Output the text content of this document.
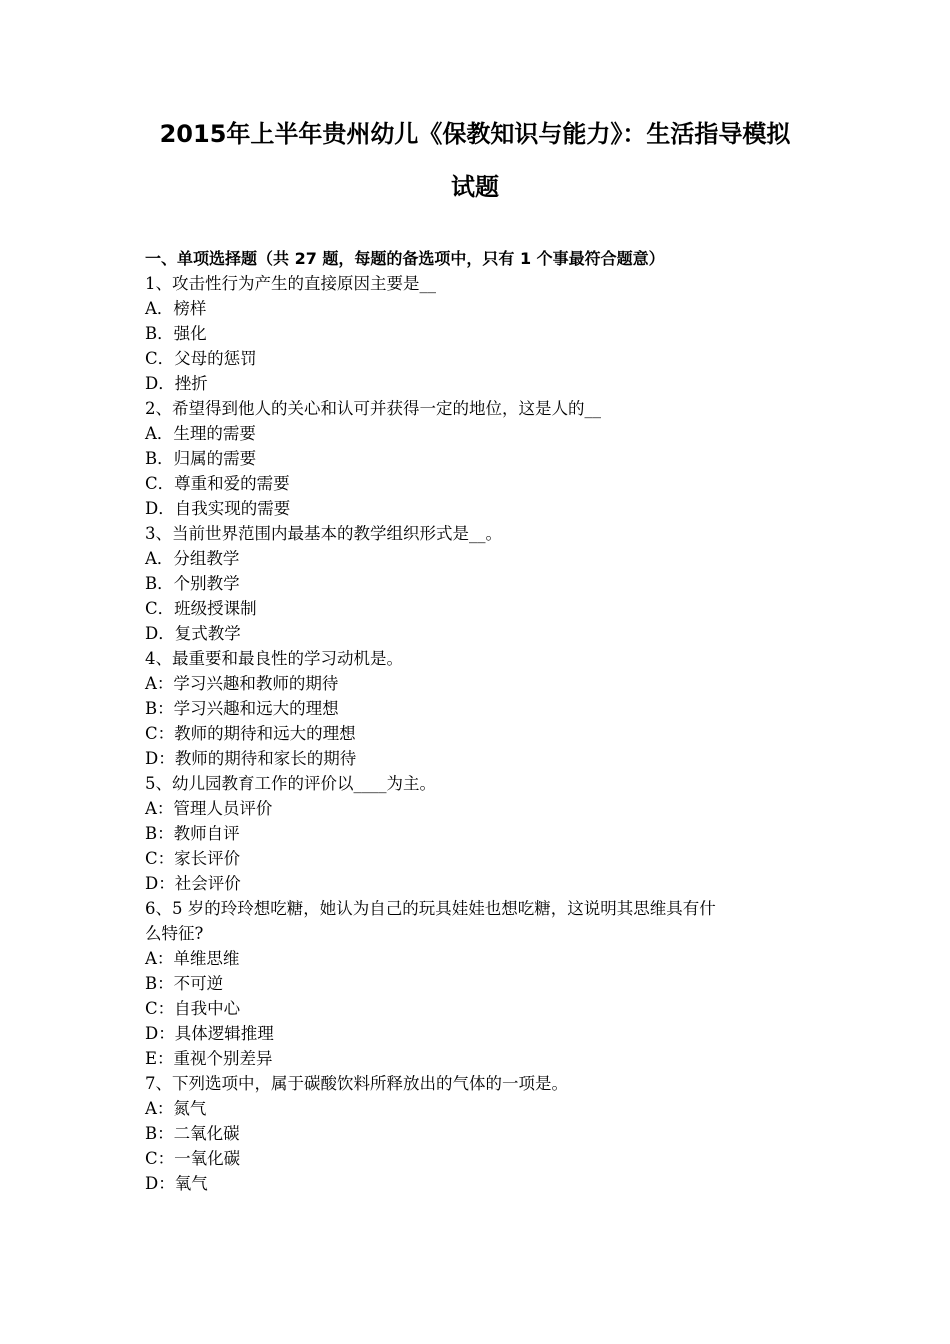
2015年上半年贵州幼儿《保教知识与能力》：生活指导模拟
试题
一、单项选择题（共 27 题，每题的备选项中，只有 1 个事最符合题意）
1、攻击性行为产生的直接原因主要是__
A．榜样
B．强化
C．父母的惩罚
D．挫折
2、希望得到他人的关心和认可并获得一定的地位，这是人的__
A．生理的需要
B．归属的需要
C．尊重和爱的需要
D．自我实现的需要
3、当前世界范围内最基本的教学组织形式是__。
A．分组教学
B．个别教学
C．班级授课制
D．复式教学
4、最重要和最良性的学习动机是。
A：学习兴趣和教师的期待
B：学习兴趣和远大的理想
C：教师的期待和远大的理想
D：教师的期待和家长的期待
5、幼儿园教育工作的评价以____为主。
A：管理人员评价
B：教师自评
C：家长评价
D：社会评价
6、5 岁的玲玲想吃糖，她认为自己的玩具娃娃也想吃糖，这说明其思维具有什
么特征?
A：单维思维
B：不可逆
C：自我中心
D：具体逻辑推理
E：重视个别差异
7、下列选项中，属于碳酸饮料所释放出的气体的一项是。
A：氮气
B：二氧化碳
C：一氧化碳
D：氧气
